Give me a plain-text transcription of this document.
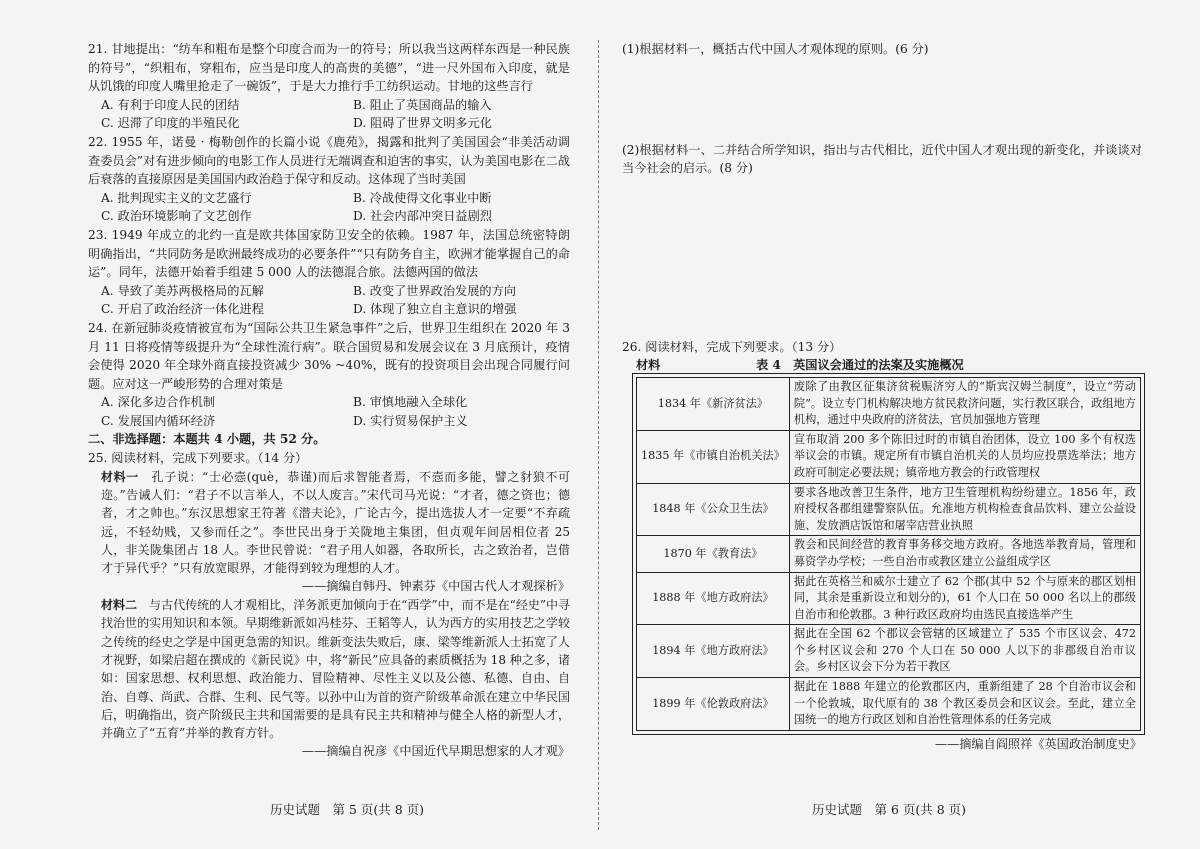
21. 甘地提出：“纺车和粗布是整个印度合而为一的符号；所以我当这两样东西是一种民族的符号”，“织粗布，穿粗布，应当是印度人的高贵的美德”，“进一尺外国布入印度，就是从饥饿的印度人嘴里抢走了一碗饭”，于是大力推行手工纺织运动。甘地的这些言行

A. 有利于印度人民的团结	B. 阻止了英国商品的输入
C. 迟滞了印度的半殖民化	D. 阻碍了世界文明多元化

22. 1955 年，诺曼 · 梅勒创作的长篇小说《鹿苑》，揭露和批判了美国国会“非美活动调查委员会”对有进步倾向的电影工作人员进行无端调查和迫害的事实，认为美国电影在二战后衰落的直接原因是美国国内政治趋于保守和反动。这体现了当时美国

A. 批判现实主义的文艺盛行	B. 冷战使得文化事业中断
C. 政治环境影响了文艺创作	D. 社会内部冲突日益剧烈

23. 1949 年成立的北约一直是欧共体国家防卫安全的依赖。1987 年，法国总统密特朗明确指出，“共同防务是欧洲最终成功的必要条件”“只有防务自主，欧洲才能掌握自己的命运”。同年，法德开始着手组建 5 000 人的法德混合旅。法德两国的做法

A. 导致了美苏两极格局的瓦解	B. 改变了世界政治发展的方向
C. 开启了政治经济一体化进程	D. 体现了独立自主意识的增强

24. 在新冠肺炎疫情被宣布为“国际公共卫生紧急事件”之后，世界卫生组织在 2020 年 3 月 11 日将疫情等级提升为“全球性流行病”。联合国贸易和发展会议在 3 月底预计，疫情会使得 2020 年全球外商直接投资减少 30% ~40%，既有的投资项目会出现合同履行问题。应对这一严峻形势的合理对策是

A. 深化多边合作机制	B. 审慎地融入全球化
C. 发展国内循环经济	D. 实行贸易保护主义

二、非选择题：本题共 4 小题，共 52 分。

25. 阅读材料，完成下列要求。（14 分）

材料一　孔子说：“士必悫(què，恭谨)而后求智能者焉，不悫而多能，譬之豺狼不可迩。”告诫人们：“君子不以言举人，不以人废言。”宋代司马光说：“才者，德之资也；德者，才之帅也。”东汉思想家王符著《潜夫论》，广论古今，提出选拔人才一定要“不弃疏远，不轻幼贱，又参而任之”。李世民出身于关陇地主集团，但贞观年间居相位者 25 人，非关陇集团占 18 人。李世民曾说：“君子用人如器，各取所长，古之致治者，岂借才于异代乎？”只有放宽眼界，才能得到较为理想的人才。

——摘编自韩丹、钟素芬《中国古代人才观探析》

材料二　与古代传统的人才观相比，洋务派更加倾向于在“西学”中，而不是在“经史”中寻找治世的实用知识和本领。早期维新派如冯桂芬、王韬等人，认为西方的实用技艺之学较之传统的经史之学是中国更急需的知识。维新变法失败后，康、梁等维新派人士拓宽了人才视野，如梁启超在撰成的《新民说》中，将“新民”应具备的素质概括为 18 种之多，诸如：国家思想、权利思想、政治能力、冒险精神、尽性主义以及公德、私德、自由、自治、自尊、尚武、合群、生利、民气等。以孙中山为首的资产阶级革命派在建立中华民国后，明确指出，资产阶级民主共和国需要的是具有民主共和精神与健全人格的新型人才，并确立了“五育”并举的教育方针。

——摘编自祝彦《中国近代早期思想家的人才观》

(1)根据材料一，概括古代中国人才观体现的原则。(6 分)

(2)根据材料一、二并结合所学知识，指出与古代相比，近代中国人才观出现的新变化，并谈谈对当今社会的启示。(8 分)

26. 阅读材料，完成下列要求。（13 分）

材料	表 4　英国议会通过的法案及实施概况
1834 年《新济贫法》	废除了由教区征集济贫税赈济穷人的“斯宾汉姆兰制度”，设立“劳动院”。设立专门机构解决地方贫民救济问题，实行教区联合，政组地方机构，通过中央政府的济贫法，官员加强地方管理
1835 年《市镇自治机关法》	宣布取消 200 多个陈旧过时的市镇自治团体，设立 100 多个有权选举议会的市镇。规定所有市镇自治机关的人员均应投票选举法；地方政府可制定必要法规；镇帝地方教会的行政管理权
1848 年《公众卫生法》	要求各地改善卫生条件，地方卫生管理机构纷纷建立。1856 年，政府授权各郡组建警察队伍。允准地方机构检查食品饮料、建立公益设施、发放酒店饭馆和屠宰店营业执照
1870 年《教育法》	教会和民间经营的教育事务移交地方政府。各地选举教育局，管理和募资学办学校；一些自治市或教区建立公益组成学区
1888 年《地方政府法》	据此在英格兰和威尔士建立了 62 个郡(其中 52 个与原来的郡区划相同，其余是重新设立和划分的)，61 个人口在 50 000 名以上的郡级自治市和伦敦郡。3 种行政区政府均由选民直接选举产生
1894 年《地方政府法》	据此在全国 62 个郡议会管辖的区域建立了 535 个市区议会、472 个乡村区议会和 270 个人口在 50 000 人以下的非郡级自治市议会。乡村区议会下分为若干教区
1899 年《伦敦政府法》	据此在 1888 年建立的伦敦郡区内，重新组建了 28 个自治市议会和一个伦敦城，取代原有的 38 个教区委员会和区议会。至此，建立全国统一的地方行政区划和自治性管理体系的任务完成

——摘编自阎照祥《英国政治制度史》

历史试题　第 5 页(共 8 页)	历史试题　第 6 页(共 8 页)
